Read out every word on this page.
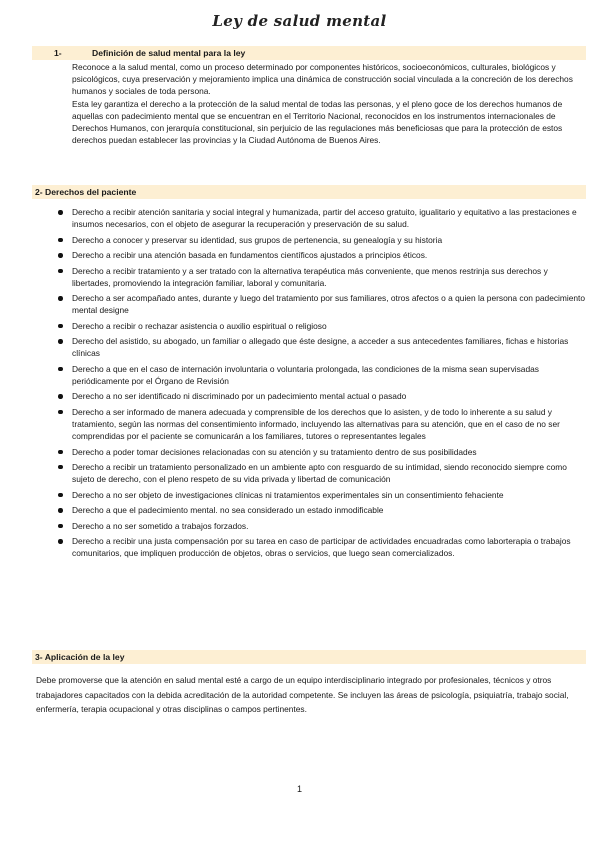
Ley de salud mental
1-	Definición de salud mental para la ley

Reconoce a la salud mental, como un proceso determinado por componentes históricos, socioeconómicos, culturales, biológicos y psicológicos, cuya preservación y mejoramiento implica una dinámica de construcción social vinculada a la concreción de los derechos humanos y sociales de toda persona.

Esta ley garantiza el derecho a la protección de la salud mental de todas las personas, y el pleno goce de los derechos humanos de aquellas con padecimiento mental que se encuentran en el Territorio Nacional, reconocidos en los instrumentos internacionales de Derechos Humanos, con jerarquía constitucional, sin perjuicio de las regulaciones más beneficiosas que para la protección de estos derechos puedan establecer las provincias y la Ciudad Autónoma de Buenos Aires.

2- Derechos del paciente
Derecho a recibir atención sanitaria y social integral y humanizada, partir del acceso gratuito, igualitario y equitativo a las prestaciones e insumos necesarios, con el objeto de asegurar la recuperación y preservación de su salud.
Derecho a conocer y preservar su identidad, sus grupos de pertenencia, su genealogía y su historia
Derecho a recibir una atención basada en fundamentos científicos ajustados a principios éticos.
Derecho a recibir tratamiento y a ser tratado con la alternativa terapéutica más conveniente, que menos restrinja sus derechos y libertades, promoviendo la integración familiar, laboral y comunitaria.
Derecho a ser acompañado antes, durante y luego del tratamiento por sus familiares, otros afectos o a quien la persona con padecimiento mental designe
Derecho a recibir o rechazar asistencia o auxilio espiritual o religioso
Derecho del asistido, su abogado, un familiar o allegado que éste designe, a acceder a sus antecedentes familiares, fichas e historias clínicas
Derecho a que en el caso de internación involuntaria o voluntaria prolongada, las condiciones de la misma sean supervisadas periódicamente por el Órgano de Revisión
Derecho a no ser identificado ni discriminado por un padecimiento mental actual o pasado
Derecho a ser informado de manera adecuada y comprensible de los derechos que lo asisten, y de todo lo inherente a su salud y tratamiento, según las normas del consentimiento informado, incluyendo las alternativas para su atención, que en el caso de no ser comprendidas por el paciente se comunicarán a los familiares, tutores o representantes legales
Derecho a poder tomar decisiones relacionadas con su atención y su tratamiento dentro de sus posibilidades
Derecho a recibir un tratamiento personalizado en un ambiente apto con resguardo de su intimidad, siendo reconocido siempre como sujeto de derecho, con el pleno respeto de su vida privada y libertad de comunicación
Derecho a no ser objeto de investigaciones clínicas ni tratamientos experimentales sin un consentimiento fehaciente
Derecho a que el padecimiento mental. no sea considerado un estado inmodificable
Derecho a no ser sometido a trabajos forzados.
Derecho a recibir una justa compensación por su tarea en caso de participar de actividades encuadradas como laborterapia o trabajos comunitarios, que impliquen producción de objetos, obras o servicios, que luego sean comercializados.
3- Aplicación de la ley
Debe promoverse que la atención en salud mental esté a cargo de un equipo interdisciplinario integrado por profesionales, técnicos y otros trabajadores capacitados con la debida acreditación de la autoridad competente. Se incluyen las áreas de psicología, psiquiatría, trabajo social, enfermería, terapia ocupacional y otras disciplinas o campos pertinentes.
1
